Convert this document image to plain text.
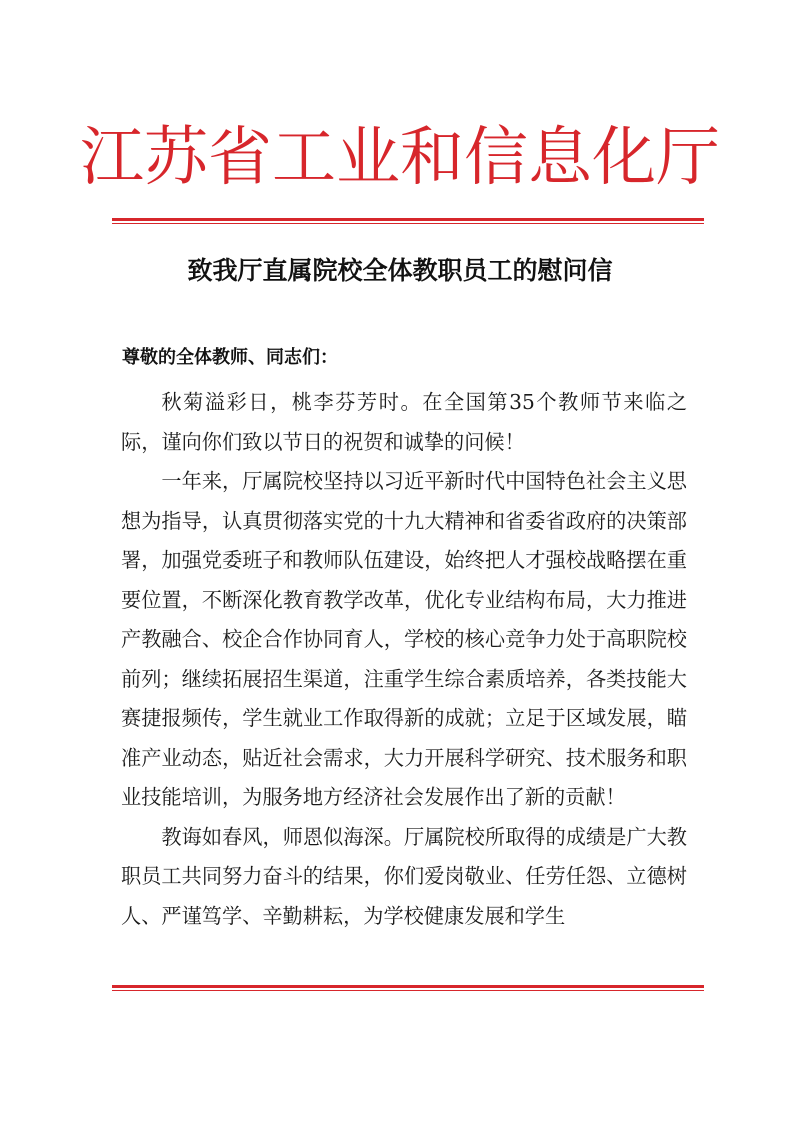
江苏省工业和信息化厅
致我厅直属院校全体教职员工的慰问信
尊敬的全体教师、同志们：

秋菊溢彩日，桃李芬芳时。在全国第35个教师节来临之际，谨向你们致以节日的祝贺和诚挚的问候！

一年来，厅属院校坚持以习近平新时代中国特色社会主义思想为指导，认真贯彻落实党的十九大精神和省委省政府的决策部署，加强党委班子和教师队伍建设，始终把人才强校战略摆在重要位置，不断深化教育教学改革，优化专业结构布局，大力推进产教融合、校企合作协同育人，学校的核心竞争力处于高职院校前列；继续拓展招生渠道，注重学生综合素质培养，各类技能大赛捷报频传，学生就业工作取得新的成就；立足于区域发展，瞄准产业动态，贴近社会需求，大力开展科学研究、技术服务和职业技能培训，为服务地方经济社会发展作出了新的贡献！

教诲如春风，师恩似海深。厅属院校所取得的成绩是广大教职员工共同努力奋斗的结果，你们爱岗敬业、任劳任怨、立德树人、严谨笃学、辛勤耕耘，为学校健康发展和学生
